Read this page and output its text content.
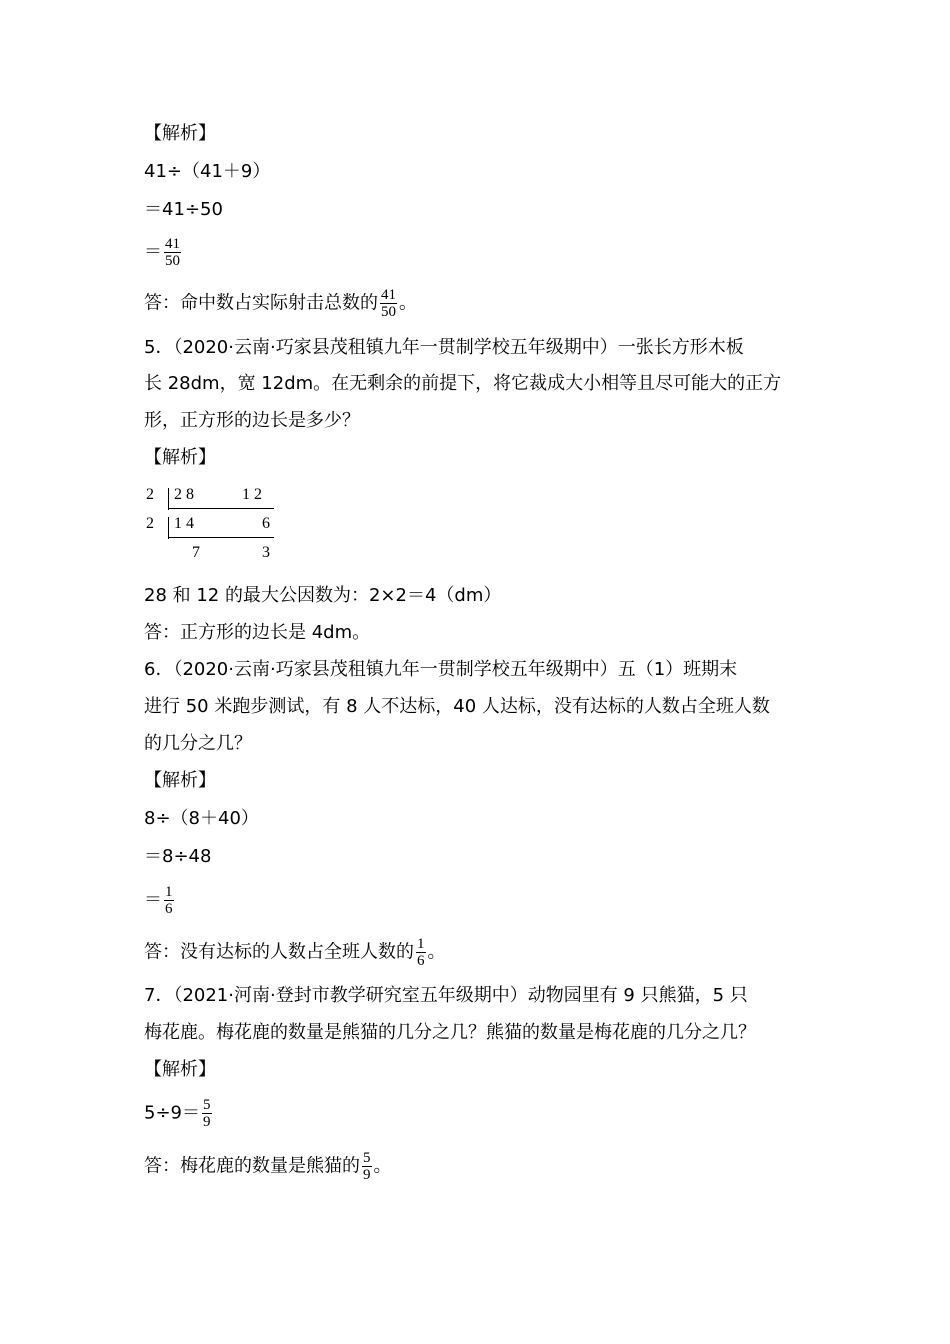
【解析】
41÷（41＋9）
＝41÷50
＝ $\frac{41}{50}$
答：命中数占实际射击总数的 $\frac{41}{50}$ 。
5．（2020·云南·巧家县茂租镇九年一贯制学校五年级期中）一张长方形木板
长 28dm，宽 12dm。在无剩余的前提下，将它裁成大小相等且尽可能大的正方
形，正方形的边长是多少？
【解析】
2 2 8	1 2
2 1 4	6
7	3
28 和 12 的最大公因数为：2×2＝4（dm）
答：正方形的边长是 4dm。
6．（2020·云南·巧家县茂租镇九年一贯制学校五年级期中）五（1）班期末
进行 50 米跑步测试，有 8 人不达标，40 人达标，没有达标的人数占全班人数
的几分之几？
【解析】
8÷（8＋40）
＝8÷48
＝ $\frac{1}{6}$
答：没有达标的人数占全班人数的 $\frac{1}{6}$ 。
7．（2021·河南·登封市教学研究室五年级期中）动物园里有 9 只熊猫，5 只
梅花鹿。梅花鹿的数量是熊猫的几分之几？熊猫的数量是梅花鹿的几分之几？
【解析】
$5\div 9= \frac{5}{9}$
答：梅花鹿的数量是熊猫的 $\frac{5}{9}$ 。
